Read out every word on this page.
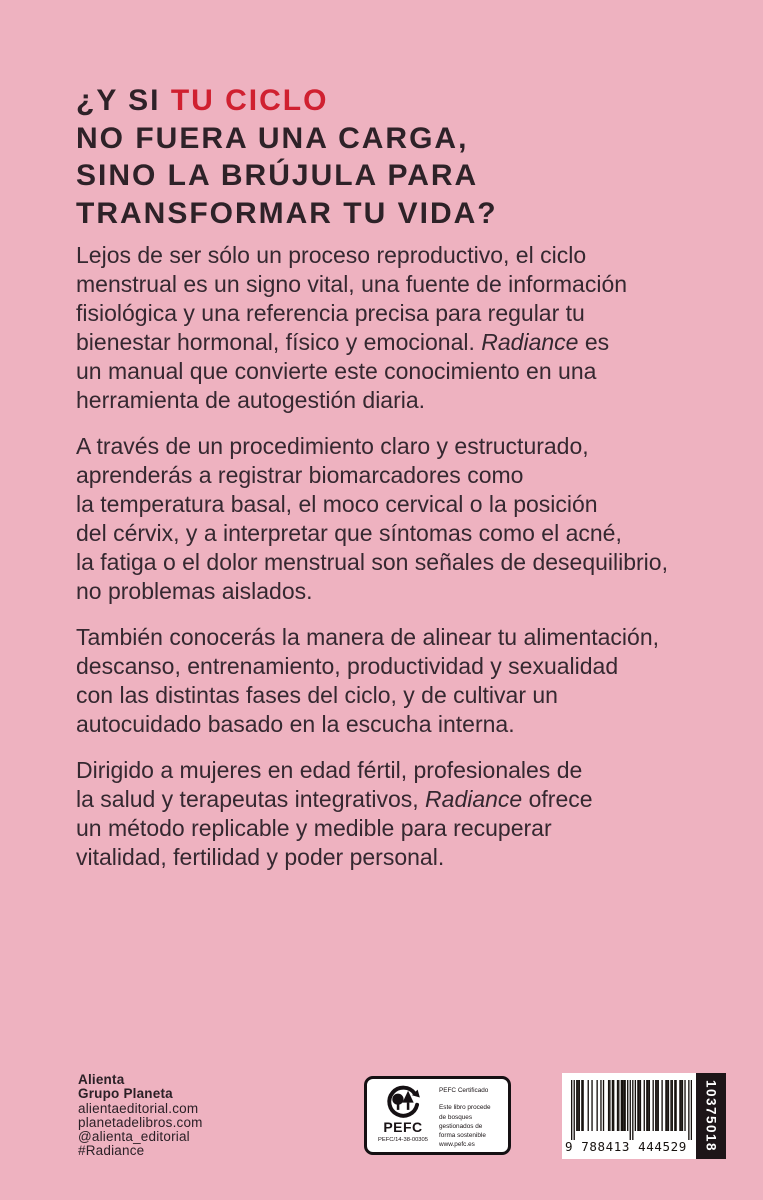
¿Y SI TU CICLO
NO FUERA UNA CARGA,
SINO LA BRÚJULA PARA
TRANSFORMAR TU VIDA?

Lejos de ser sólo un proceso reproductivo, el ciclo
menstrual es un signo vital, una fuente de información
fisiológica y una referencia precisa para regular tu
bienestar hormonal, físico y emocional. Radiance es
un manual que convierte este conocimiento en una
herramienta de autogestión diaria.

A través de un procedimiento claro y estructurado,
aprenderás a registrar biomarcadores como
la temperatura basal, el moco cervical o la posición
del cérvix, y a interpretar que síntomas como el acné,
la fatiga o el dolor menstrual son señales de desequilibrio,
no problemas aislados.

También conocerás la manera de alinear tu alimentación,
descanso, entrenamiento, productividad y sexualidad
con las distintas fases del ciclo, y de cultivar un
autocuidado basado en la escucha interna.

Dirigido a mujeres en edad fértil, profesionales de
la salud y terapeutas integrativos, Radiance ofrece
un método replicable y medible para recuperar
vitalidad, fertilidad y poder personal.

Alienta
Grupo Planeta
alientaeditorial.com
planetadelibros.com
@alienta_editorial
#Radiance
PEFC
PEFC/14-38-00305
PEFC Certificado
Este libro procede de bosques gestionados de forma sostenible
www.pefc.es	9 788413 444529	10375018
